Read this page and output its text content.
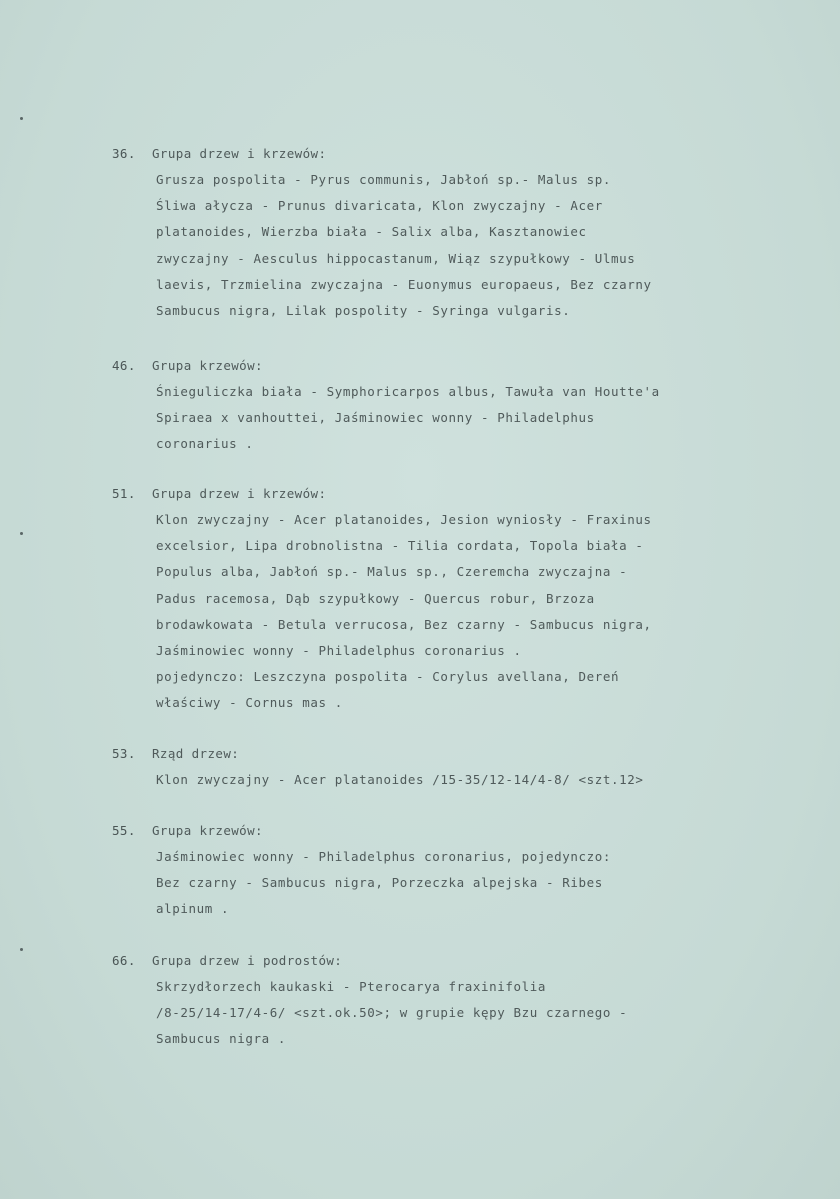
36.	Grupa drzew i krzewów:
Grusza pospolita - Pyrus communis, Jabłoń sp.- Malus sp.
Śliwa ałycza - Prunus divaricata, Klon zwyczajny - Acer
platanoides, Wierzba biała - Salix alba, Kasztanowiec
zwyczajny - Aesculus hippocastanum, Wiąz szypułkowy - Ulmus
laevis, Trzmielina zwyczajna - Euonymus europaeus, Bez czarny
Sambucus nigra, Lilak pospolity - Syringa vulgaris.
46.	Grupa krzewów:
Śnieguliczka biała - Symphoricarpos albus, Tawuła van Houtte'a
Spiraea x vanhouttei, Jaśminowiec wonny - Philadelphus
coronarius .
51.	Grupa drzew i krzewów:
Klon zwyczajny - Acer platanoides, Jesion wyniosły - Fraxinus
excelsior, Lipa drobnolistna - Tilia cordata, Topola biała -
Populus alba, Jabłoń sp.- Malus sp., Czeremcha zwyczajna -
Padus racemosa, Dąb szypułkowy - Quercus robur, Brzoza
brodawkowata - Betula verrucosa, Bez czarny - Sambucus nigra,
Jaśminowiec wonny - Philadelphus coronarius .
pojedynczo: Leszczyna pospolita - Corylus avellana, Dereń
właściwy - Cornus mas .
53.	Rząd drzew:
Klon zwyczajny - Acer platanoides /15-35/12-14/4-8/ <szt.12>
55.	Grupa krzewów:
Jaśminowiec wonny - Philadelphus coronarius, pojedynczo:
Bez czarny - Sambucus nigra, Porzeczka alpejska - Ribes
alpinum .
66.	Grupa drzew i podrostów:
Skrzydłorzech kaukaski - Pterocarya fraxinifolia
/8-25/14-17/4-6/ <szt.ok.50>; w grupie kępy Bzu czarnego -
Sambucus nigra .
